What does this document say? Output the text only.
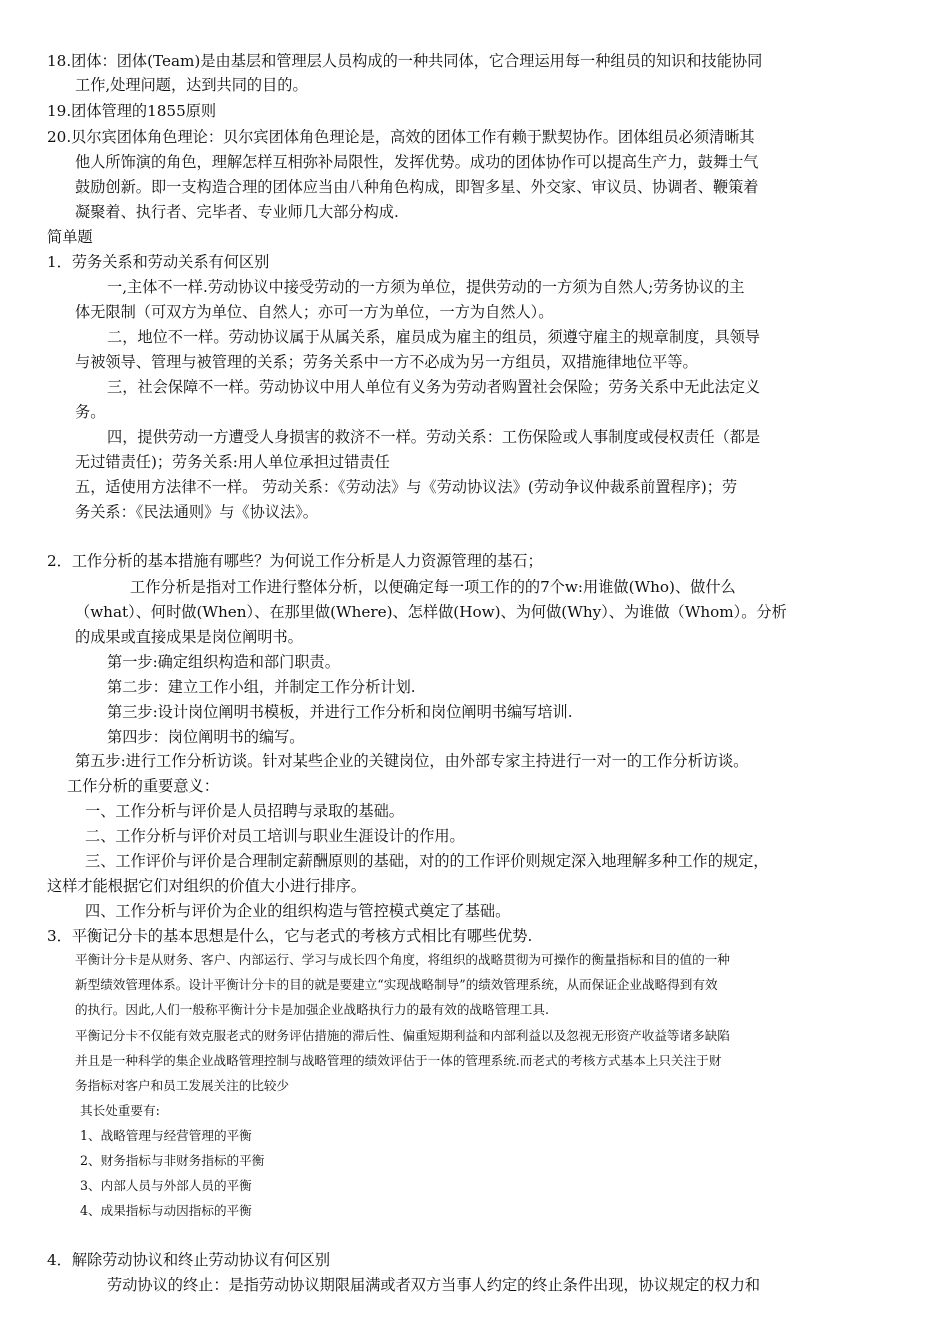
18.团体：团体(Team)是由基层和管理层人员构成的一种共同体，它合理运用每一种组员的知识和技能协同
工作,处理问题，达到共同的目的。
19.团体管理的1855原则
20.贝尔宾团体角色理论：贝尔宾团体角色理论是，高效的团体工作有赖于默契协作。团体组员必须清晰其
他人所饰演的角色，理解怎样互相弥补局限性，发挥优势。成功的团体协作可以提高生产力，鼓舞士气
鼓励创新。即一支构造合理的团体应当由八种角色构成，即智多星、外交家、审议员、协调者、鞭策着
凝聚着、执行者、完毕者、专业师几大部分构成.
简单题
1．劳务关系和劳动关系有何区别
一,主体不一样.劳动协议中接受劳动的一方须为单位，提供劳动的一方须为自然人;劳务协议的主
体无限制（可双方为单位、自然人；亦可一方为单位，一方为自然人）。
二，地位不一样。劳动协议属于从属关系，雇员成为雇主的组员，须遵守雇主的规章制度，具领导
与被领导、管理与被管理的关系；劳务关系中一方不必成为另一方组员，双措施律地位平等。
三，社会保障不一样。劳动协议中用人单位有义务为劳动者购置社会保险；劳务关系中无此法定义
务。
四，提供劳动一方遭受人身损害的救济不一样。劳动关系：工伤保险或人事制度或侵权责任（都是
无过错责任)；劳务关系:用人单位承担过错责任
五，适使用方法律不一样。 劳动关系：《劳动法》与《劳动协议法》(劳动争议仲裁系前置程序)；劳
务关系：《民法通则》与《协议法》。
2．工作分析的基本措施有哪些？为何说工作分析是人力资源管理的基石；
工作分析是指对工作进行整体分析，以便确定每一项工作的的7个w:用谁做(Who)、做什么
（what）、何时做(When）、在那里做(Where)、怎样做(How)、为何做(Why）、为谁做（Whom）。分析
的成果或直接成果是岗位阐明书。
第一步:确定组织构造和部门职责。
第二步：建立工作小组，并制定工作分析计划.
第三步:设计岗位阐明书模板，并进行工作分析和岗位阐明书编写培训.
第四步：岗位阐明书的编写。
第五步:进行工作分析访谈。针对某些企业的关键岗位，由外部专家主持进行一对一的工作分析访谈。
工作分析的重要意义：
一、工作分析与评价是人员招聘与录取的基础。
二、工作分析与评价对员工培训与职业生涯设计的作用。
三、工作评价与评价是合理制定薪酬原则的基础，对的的工作评价则规定深入地理解多种工作的规定，
这样才能根据它们对组织的价值大小进行排序。
四、工作分析与评价为企业的组织构造与管控模式奠定了基础。
3．平衡记分卡的基本思想是什么，它与老式的考核方式相比有哪些优势.
平衡计分卡是从财务、客户、内部运行、学习与成长四个角度，将组织的战略贯彻为可操作的衡量指标和目的值的一种
新型绩效管理体系。设计平衡计分卡的目的就是要建立“实现战略制导”的绩效管理系统，从而保证企业战略得到有效
的执行。因此,人们一般称平衡计分卡是加强企业战略执行力的最有效的战略管理工具.
平衡记分卡不仅能有效克服老式的财务评估措施的滞后性、偏重短期利益和内部利益以及忽视无形资产收益等诸多缺陷
并且是一种科学的集企业战略管理控制与战略管理的绩效评估于一体的管理系统.而老式的考核方式基本上只关注于财
务指标对客户和员工发展关注的比较少
其长处重要有:
1、战略管理与经营管理的平衡
2、财务指标与非财务指标的平衡
3、内部人员与外部人员的平衡
4、成果指标与动因指标的平衡
4．解除劳动协议和终止劳动协议有何区别
劳动协议的终止：是指劳动协议期限届满或者双方当事人约定的终止条件出现，协议规定的权力和
